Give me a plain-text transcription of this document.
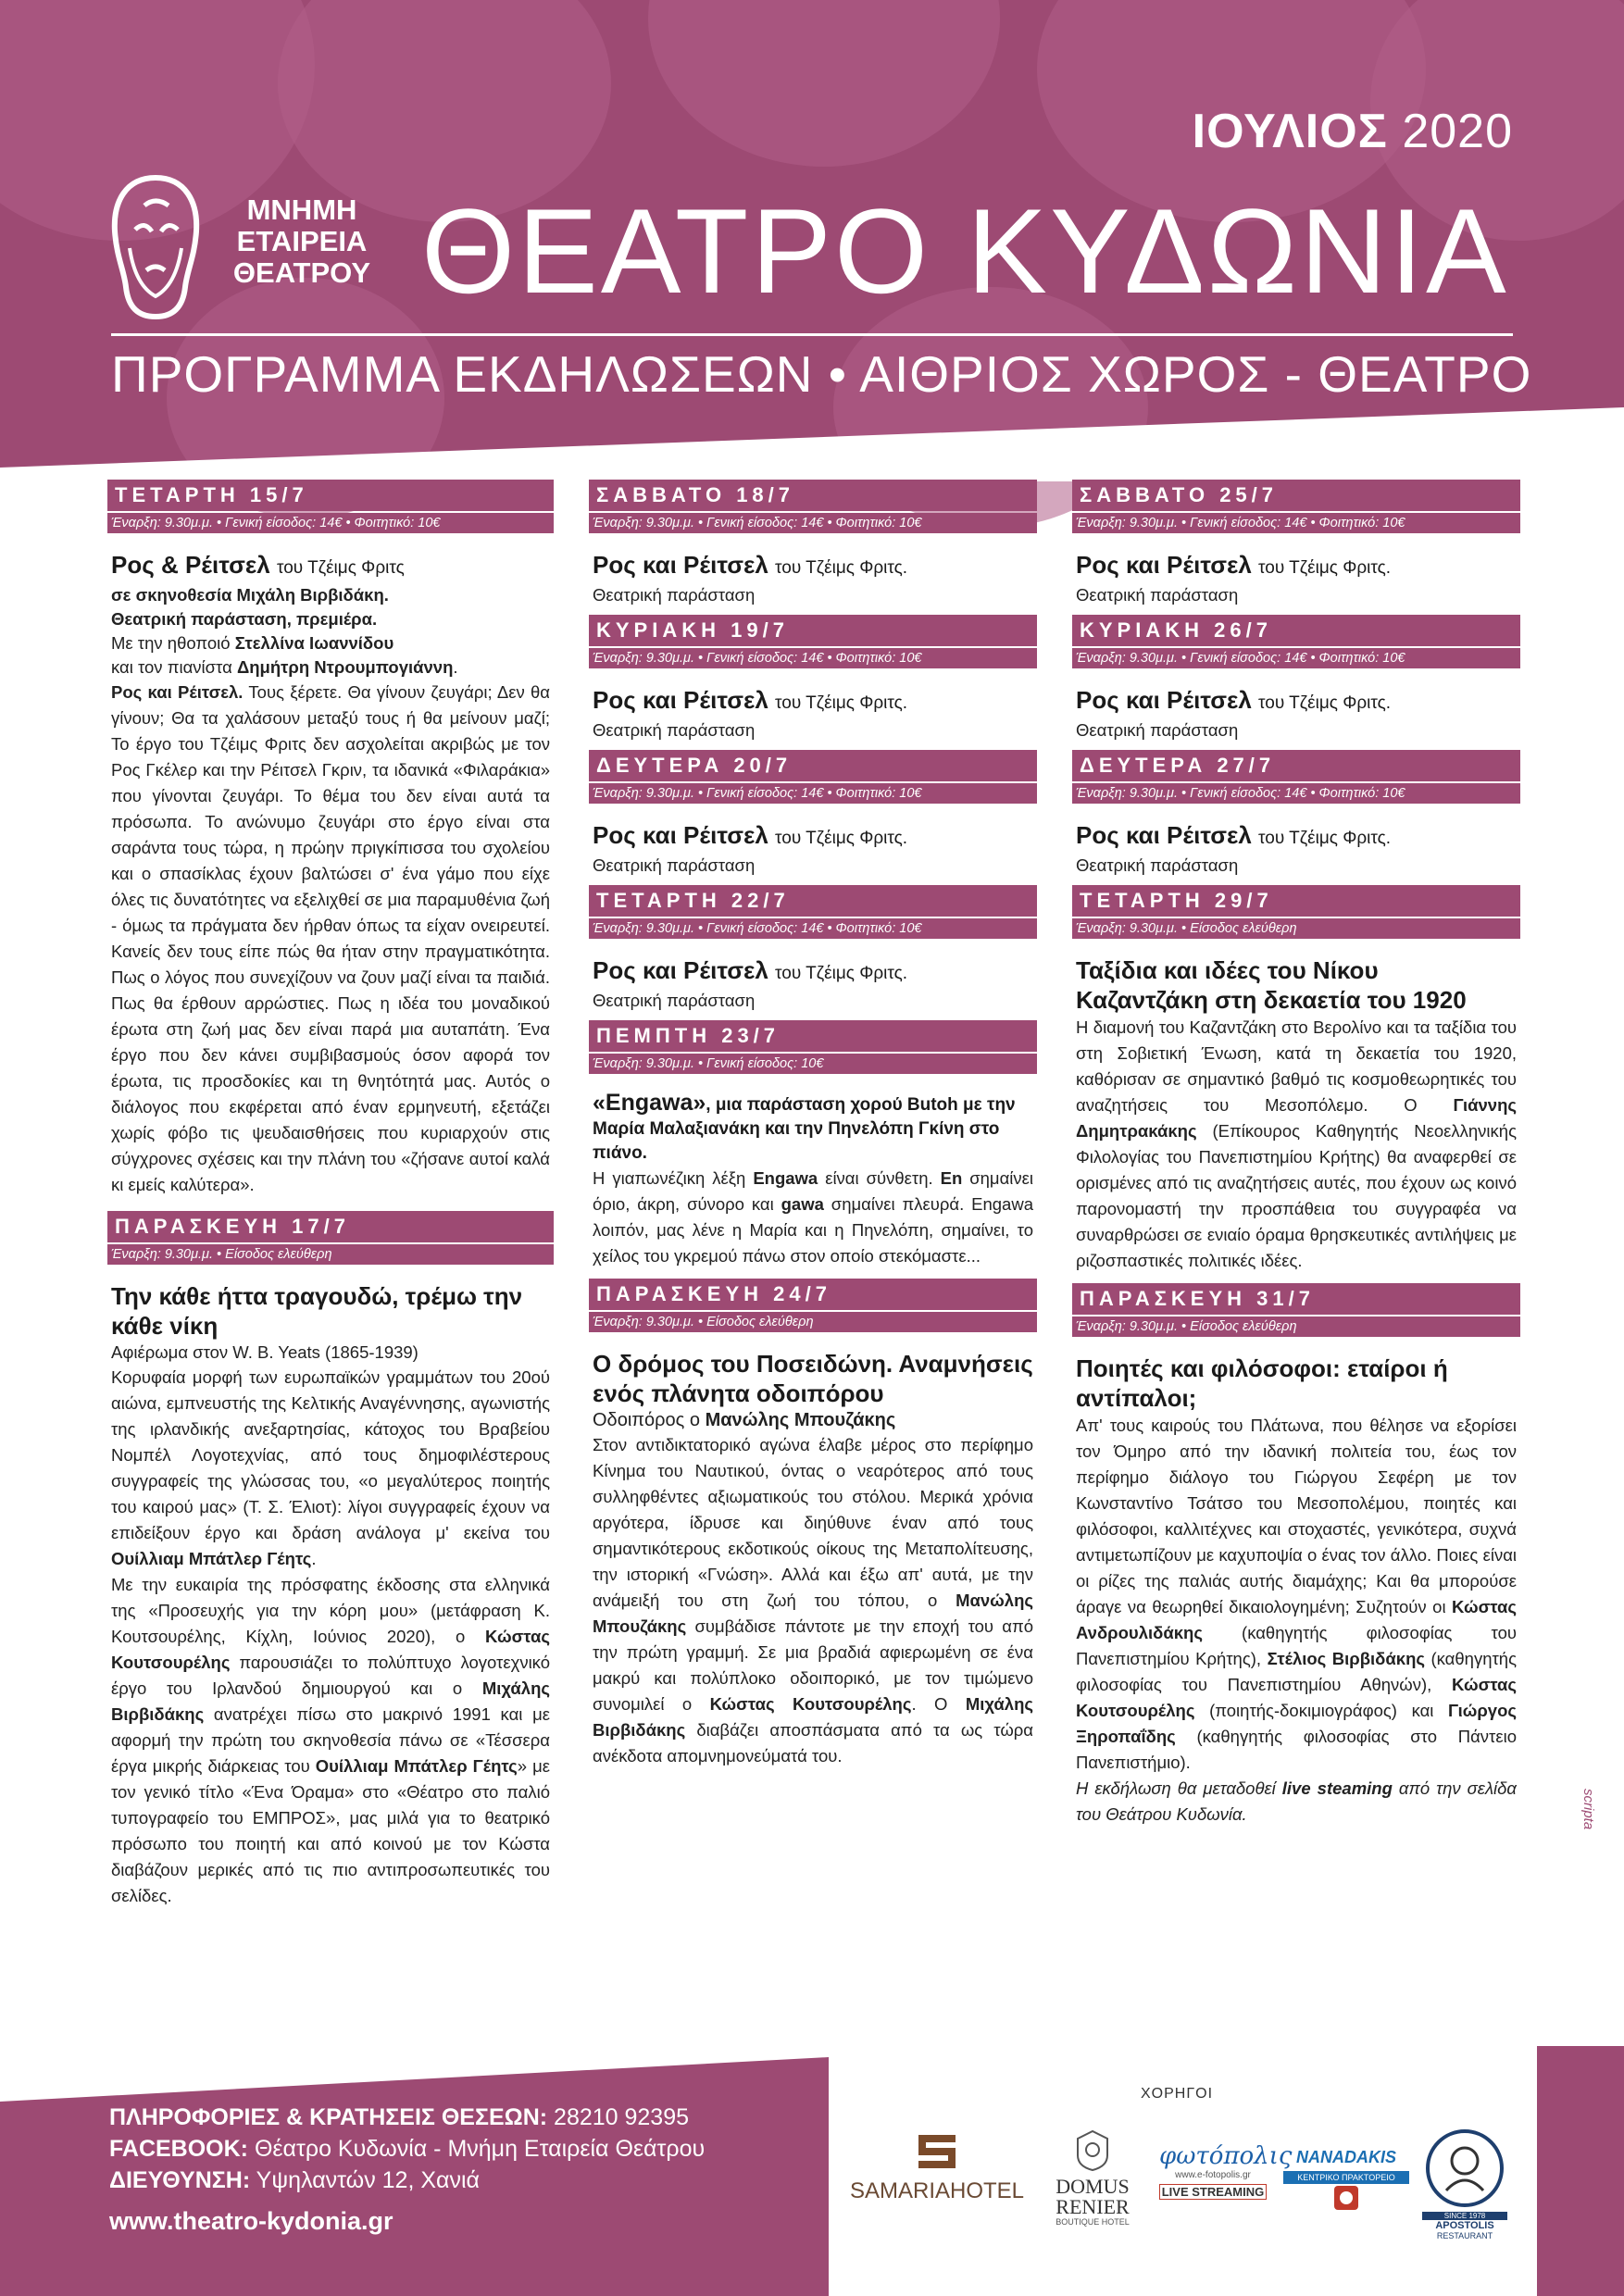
ΙΟΥΛΙΟΣ 2020
ΜΝΗΜΗ
ΕΤΑΙΡΕΙΑ
ΘΕΑΤΡΟΥ ΘΕΑΤΡΟ ΚΥΔΩΝΙΑ
ΠΡΟΓΡΑΜΜΑ ΕΚΔΗΛΩΣΕΩΝ • ΑΙΘΡΙΟΣ ΧΩΡΟΣ - ΘΕΑΤΡΟ
ΤΕΤΑΡΤΗ 15/7
Έναρξη: 9.30μ.μ. • Γενική είσοδος: 14€ • Φοιτητικό: 10€
Ρος & Ρέιτσελ του Τζέιμς Φριτς
σε σκηνοθεσία Μιχάλη Βιρβιδάκη.
Θεατρική παράσταση, πρεμιέρα.
Με την ηθοποιό Στελλίνα Ιωαννίδου
και τον πιανίστα Δημήτρη Ντρουμπογιάννη.
Ρος και Ρέιτσελ. Τους ξέρετε. Θα γίνουν ζευγάρι; Δεν θα γίνουν; Θα τα χαλάσουν μεταξύ τους ή θα μείνουν μαζί; Το έργο του Τζέιμς Φριτς δεν ασχολείται ακριβώς με τον Ρος Γκέλερ και την Ρέιτσελ Γκριν, τα ιδανικά «Φιλαράκια» που γίνονται ζευγάρι. Το θέμα του δεν είναι αυτά τα πρόσωπα. Το ανώνυμο ζευγάρι στο έργο είναι στα σαράντα τους τώρα, η πρώην πριγκίπισσα του σχολείου και ο σπασίκλας έχουν βαλτώσει σ' ένα γάμο που είχε όλες τις δυνατότητες να εξελιχθεί σε μια παραμυθένια ζωή - όμως τα πράγματα δεν ήρθαν όπως τα είχαν ονειρευτεί. Κανείς δεν τους είπε πώς θα ήταν στην πραγματικότητα. Πως ο λόγος που συνεχίζουν να ζουν μαζί είναι τα παιδιά. Πως θα έρθουν αρρώστιες. Πως η ιδέα του μοναδικού έρωτα στη ζωή μας δεν είναι παρά μια αυταπάτη. Ένα έργο που δεν κάνει συμβιβασμούς όσον αφορά τον έρωτα, τις προσδοκίες και τη θνητότητά μας. Αυτός ο διάλογος που εκφέρεται από έναν ερμηνευτή, εξετάζει χωρίς φόβο τις ψευδαισθήσεις που κυριαρχούν στις σύγχρονες σχέσεις και την πλάνη του «ζήσανε αυτοί καλά κι εμείς καλύτερα».
ΠΑΡΑΣΚΕΥΗ 17/7
Έναρξη: 9.30μ.μ. • Είσοδος ελεύθερη
Την κάθε ήττα τραγουδώ, τρέμω την κάθε νίκη
Αφιέρωμα στον W. B. Yeats (1865-1939)
Κορυφαία μορφή των ευρωπαϊκών γραμμάτων του 20ού αιώνα, εμπνευστής της Κελτικής Αναγέννησης, αγωνιστής της ιρλανδικής ανεξαρτησίας, κάτοχος του Βραβείου Νομπέλ Λογοτεχνίας, από τους δημοφιλέστερους συγγραφείς της γλώσσας του, «ο μεγαλύτερος ποιητής του καιρού μας» (Τ. Σ. Έλιοτ): λίγοι συγγραφείς έχουν να επιδείξουν έργο και δράση ανάλογα μ' εκείνα του Ουίλλιαμ Μπάτλερ Γέητς.
Με την ευκαιρία της πρόσφατης έκδοσης στα ελληνικά της «Προσευχής για την κόρη μου» (μετάφραση Κ. Κουτσουρέλης, Κίχλη, Ιούνιος 2020), ο Κώστας Κουτσουρέλης παρουσιάζει το πολύπτυχο λογοτεχνικό έργο του Ιρλανδού δημιουργού και ο Μιχάλης Βιρβιδάκης ανατρέχει πίσω στο μακρινό 1991 και με αφορμή την πρώτη του σκηνοθεσία πάνω σε «Τέσσερα έργα μικρής διάρκειας του Ουίλλιαμ Μπάτλερ Γέητς» με τον γενικό τίτλο «Ένα Όραμα» στο «Θέατρο στο παλιό τυπογραφείο του ΕΜΠΡΟΣ», μας μιλά για το θεατρικό πρόσωπο του ποιητή και από κοινού με τον Κώστα διαβάζουν μερικές από τις πιο αντιπροσωπευτικές του σελίδες.
ΣΑΒΒΑΤΟ 18/7
Έναρξη: 9.30μ.μ. • Γενική είσοδος: 14€ • Φοιτητικό: 10€
Ρος και Ρέιτσελ του Τζέιμς Φριτς.
Θεατρική παράσταση
ΚΥΡΙΑΚΗ 19/7
Έναρξη: 9.30μ.μ. • Γενική είσοδος: 14€ • Φοιτητικό: 10€
Ρος και Ρέιτσελ του Τζέιμς Φριτς.
Θεατρική παράσταση
ΔΕΥΤΕΡΑ 20/7
Έναρξη: 9.30μ.μ. • Γενική είσοδος: 14€ • Φοιτητικό: 10€
Ρος και Ρέιτσελ του Τζέιμς Φριτς.
Θεατρική παράσταση
ΤΕΤΑΡΤΗ 22/7
Έναρξη: 9.30μ.μ. • Γενική είσοδος: 14€ • Φοιτητικό: 10€
Ρος και Ρέιτσελ του Τζέιμς Φριτς.
Θεατρική παράσταση
ΠΕΜΠΤΗ 23/7
Έναρξη: 9.30μ.μ. • Γενική είσοδος: 10€
«Engawa», μια παράσταση χορού Butoh με την Μαρία Μαλαξιανάκη και την Πηνελόπη Γκίνη στο πιάνο.
Η γιαπωνέζικη λέξη Engawa είναι σύνθετη. En σημαίνει όριο, άκρη, σύνορο και gawa σημαίνει πλευρά. Engawa λοιπόν, μας λένε η Μαρία και η Πηνελόπη, σημαίνει, το χείλος του γκρεμού πάνω στον οποίο στεκόμαστε...
ΠΑΡΑΣΚΕΥΗ 24/7
Έναρξη: 9.30μ.μ. • Είσοδος ελεύθερη
Ο δρόμος του Ποσειδώνη. Αναμνήσεις ενός πλάνητα οδοιπόρου
Οδοιπόρος ο Μανώλης Μπουζάκης
Στον αντιδικτατορικό αγώνα έλαβε μέρος στο περίφημο Κίνημα του Ναυτικού, όντας ο νεαρότερος από τους συλληφθέντες αξιωματικούς του στόλου. Μερικά χρόνια αργότερα, ίδρυσε και διηύθυνε έναν από τους σημαντικότερους εκδοτικούς οίκους της Μεταπολίτευσης, την ιστορική «Γνώση». Αλλά και έξω απ' αυτά, με την ανάμειξή του στη ζωή του τόπου, ο Μανώλης Μπουζάκης συμβάδισε πάντοτε με την εποχή του από την πρώτη γραμμή. Σε μια βραδιά αφιερωμένη σε ένα μακρύ και πολύπλοκο οδοιπορικό, με τον τιμώμενο συνομιλεί ο Κώστας Κουτσουρέλης. Ο Μιχάλης Βιρβιδάκης διαβάζει αποσπάσματα από τα ως τώρα ανέκδοτα απομνημονεύματά του.
ΣΑΒΒΑΤΟ 25/7
Έναρξη: 9.30μ.μ. • Γενική είσοδος: 14€ • Φοιτητικό: 10€
Ρος και Ρέιτσελ του Τζέιμς Φριτς.
Θεατρική παράσταση
ΚΥΡΙΑΚΗ 26/7
Έναρξη: 9.30μ.μ. • Γενική είσοδος: 14€ • Φοιτητικό: 10€
Ρος και Ρέιτσελ του Τζέιμς Φριτς.
Θεατρική παράσταση
ΔΕΥΤΕΡΑ 27/7
Έναρξη: 9.30μ.μ. • Γενική είσοδος: 14€ • Φοιτητικό: 10€
Ρος και Ρέιτσελ του Τζέιμς Φριτς.
Θεατρική παράσταση
ΤΕΤΑΡΤΗ 29/7
Έναρξη: 9.30μ.μ. • Είσοδος ελεύθερη
Ταξίδια και ιδέες του Νίκου Καζαντζάκη στη δεκαετία του 1920
Η διαμονή του Καζαντζάκη στο Βερολίνο και τα ταξίδια του στη Σοβιετική Ένωση, κατά τη δεκαετία του 1920, καθόρισαν σε σημαντικό βαθμό τις κοσμοθεωρητικές του αναζητήσεις του Μεσοπόλεμο. Ο Γιάννης Δημητρακάκης (Επίκουρος Καθηγητής Νεοελληνικής Φιλολογίας του Πανεπιστημίου Κρήτης) θα αναφερθεί σε ορισμένες από τις αναζητήσεις αυτές, που έχουν ως κοινό παρονομαστή την προσπάθεια του συγγραφέα να συναρθρώσει σε ενιαίο όραμα θρησκευτικές αντιλήψεις με ριζοσπαστικές πολιτικές ιδέες.
ΠΑΡΑΣΚΕΥΗ 31/7
Έναρξη: 9.30μ.μ. • Είσοδος ελεύθερη
Ποιητές και φιλόσοφοι: εταίροι ή αντίπαλοι;
Απ' τους καιρούς του Πλάτωνα, που θέλησε να εξορίσει τον Όμηρο από την ιδανική πολιτεία του, έως τον περίφημο διάλογο του Γιώργου Σεφέρη με τον Κωνσταντίνο Τσάτσο του Μεσοπολέμου, ποιητές και φιλόσοφοι, καλλιτέχνες και στοχαστές, γενικότερα, συχνά αντιμετωπίζουν με καχυποψία ο ένας τον άλλο. Ποιες είναι οι ρίζες της παλιάς αυτής διαμάχης; Και θα μπορούσε άραγε να θεωρηθεί δικαιολογημένη; Συζητούν οι Κώστας Ανδρουλιδάκης (καθηγητής φιλοσοφίας του Πανεπιστημίου Κρήτης), Στέλιος Βιρβιδάκης (καθηγητής φιλοσοφίας του Πανεπιστημίου Αθηνών), Κώστας Κουτσουρέλης (ποιητής-δοκιμιογράφος) και Γιώργος Ξηροπαΐδης (καθηγητής φιλοσοφίας στο Πάντειο Πανεπιστήμιο).
Η εκδήλωση θα μεταδοθεί live steaming από την σελίδα του Θεάτρου Κυδωνία.	scripta
ΠΛΗΡΟΦΟΡΙΕΣ & ΚΡΑΤΗΣΕΙΣ ΘΕΣΕΩΝ: 28210 92395
FACEBOOK: Θέατρο Κυδωνία - Μνήμη Εταιρεία Θεάτρου
ΔΙΕΥΘΥΝΣΗ: Υψηλαντών 12, Χανιά
www.theatro-kydonia.gr
ΧΟΡΗΓΟΙ
SAMARIAHOTEL	DOMUS
RENIER
BOUTIQUE HOTEL
φωτόπολις
www.e-fotopolis.gr
LIVE STREAMING
NANADAKIS
ΚΕΝΤΡΙΚΟ ΠΡΑΚΤΟΡΕΙΟ
SINCE 1978
APOSTOLIS
RESTAURANT
